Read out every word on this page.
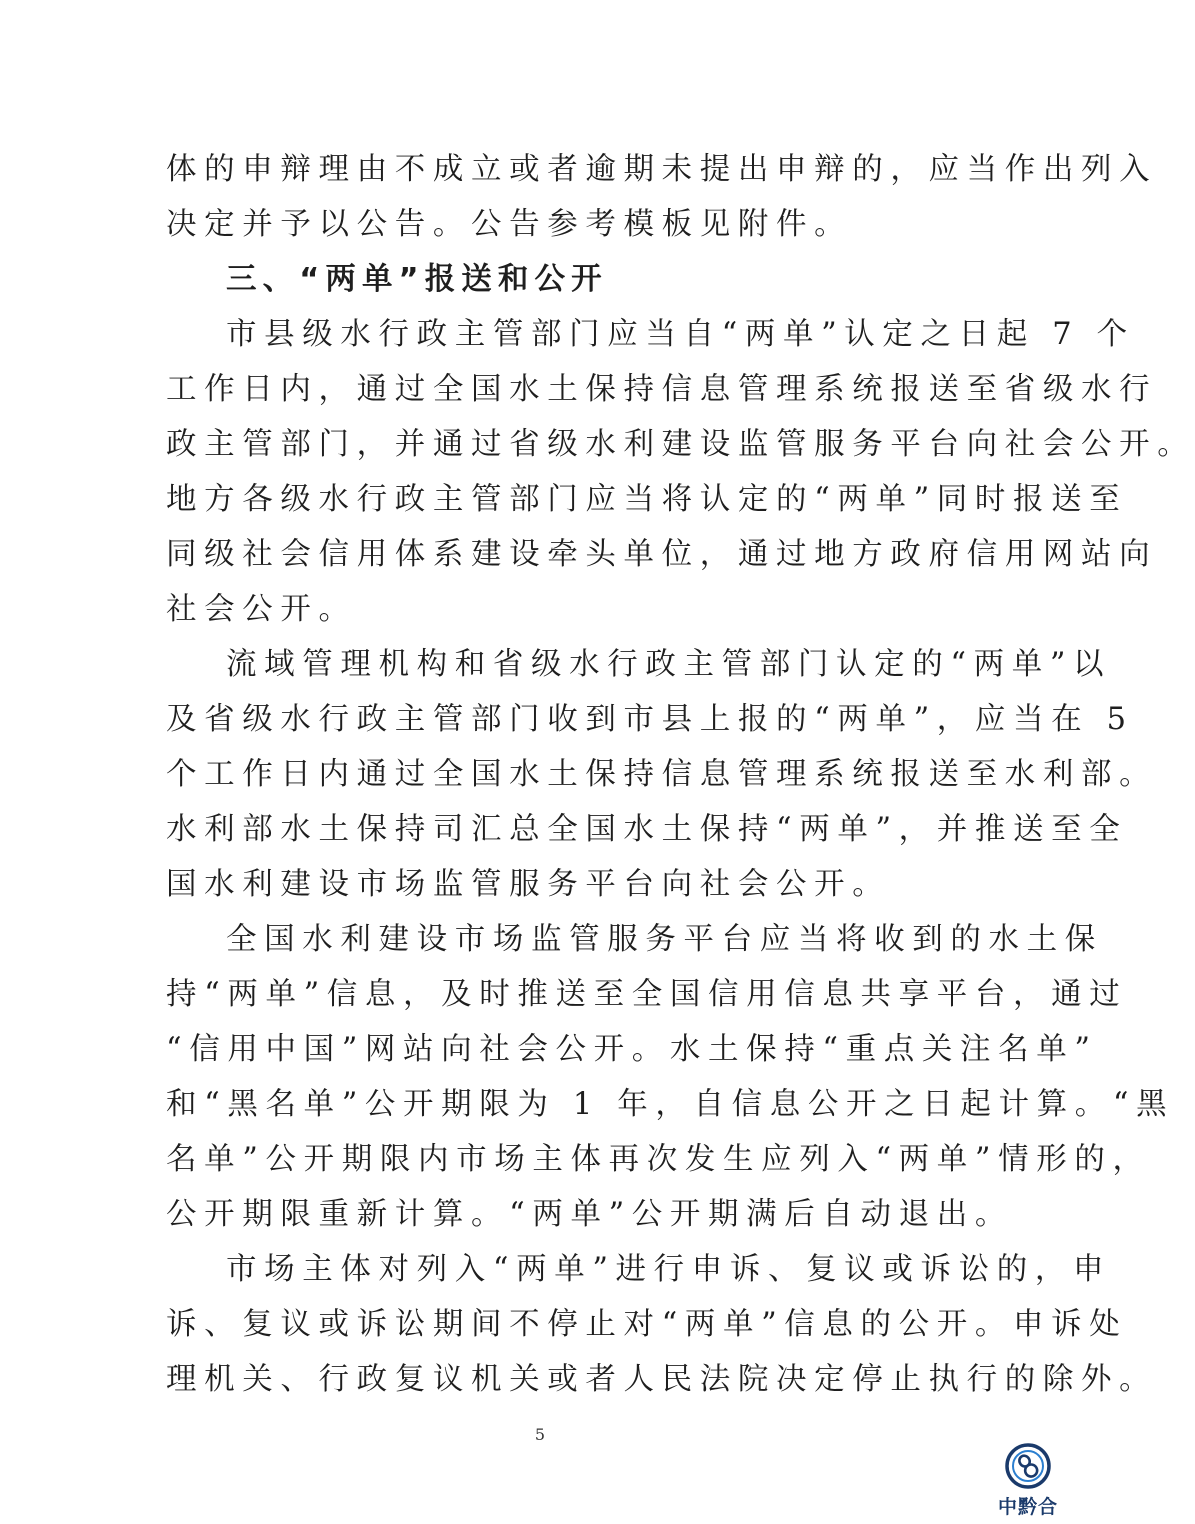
体的申辩理由不成立或者逾期未提出申辩的，应当作出列入
决定并予以公告。公告参考模板见附件。
三、“两单”报送和公开
市县级水行政主管部门应当自“两单”认定之日起 7 个
工作日内，通过全国水土保持信息管理系统报送至省级水行
政主管部门，并通过省级水利建设监管服务平台向社会公开。
地方各级水行政主管部门应当将认定的“两单”同时报送至
同级社会信用体系建设牵头单位，通过地方政府信用网站向
社会公开。
流域管理机构和省级水行政主管部门认定的“两单”以
及省级水行政主管部门收到市县上报的“两单”，应当在 5
个工作日内通过全国水土保持信息管理系统报送至水利部。
水利部水土保持司汇总全国水土保持“两单”，并推送至全
国水利建设市场监管服务平台向社会公开。
全国水利建设市场监管服务平台应当将收到的水土保
持“两单”信息，及时推送至全国信用信息共享平台，通过
“信用中国”网站向社会公开。水土保持“重点关注名单”
和“黑名单”公开期限为 1 年，自信息公开之日起计算。“黑
名单”公开期限内市场主体再次发生应列入“两单”情形的，
公开期限重新计算。“两单”公开期满后自动退出。
市场主体对列入“两单”进行申诉、复议或诉讼的，申
诉、复议或诉讼期间不停止对“两单”信息的公开。申诉处
理机关、行政复议机关或者人民法院决定停止执行的除外。
5
中黔合
